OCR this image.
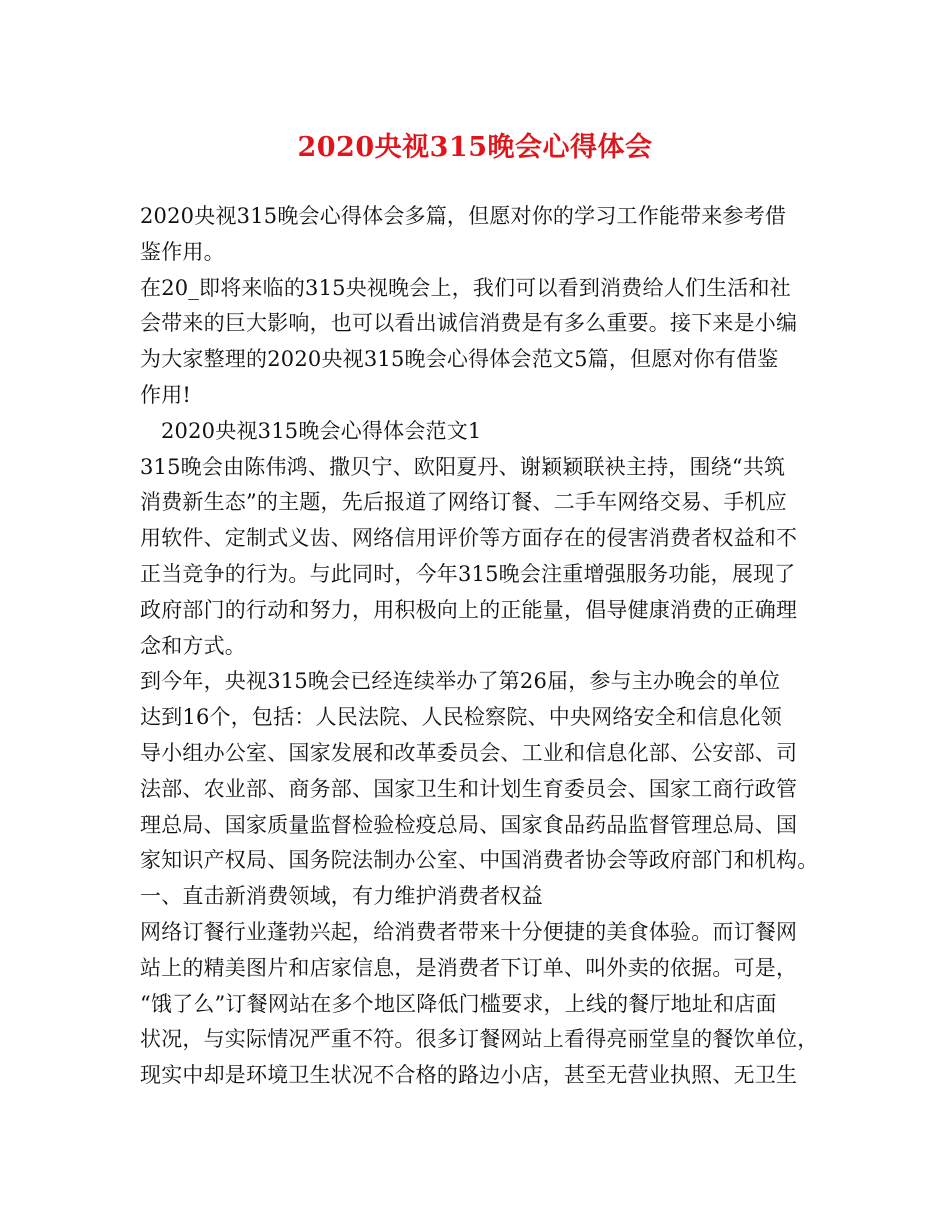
2020央视315晚会心得体会

2020央视315晚会心得体会多篇，但愿对你的学习工作能带来参考借

鉴作用。

在20_即将来临的315央视晚会上，我们可以看到消费给人们生活和社

会带来的巨大影响，也可以看出诚信消费是有多么重要。接下来是小编

为大家整理的2020央视315晚会心得体会范文5篇，但愿对你有借鉴

作用!

2020央视315晚会心得体会范文1

315晚会由陈伟鸿、撒贝宁、欧阳夏丹、谢颖颖联袂主持，围绕“共筑

消费新生态”的主题，先后报道了网络订餐、二手车网络交易、手机应

用软件、定制式义齿、网络信用评价等方面存在的侵害消费者权益和不

正当竞争的行为。与此同时，今年315晚会注重增强服务功能，展现了

政府部门的行动和努力，用积极向上的正能量，倡导健康消费的正确理

念和方式。

到今年，央视315晚会已经连续举办了第26届，参与主办晚会的单位

达到16个，包括：人民法院、人民检察院、中央网络安全和信息化领

导小组办公室、国家发展和改革委员会、工业和信息化部、公安部、司

法部、农业部、商务部、国家卫生和计划生育委员会、国家工商行政管

理总局、国家质量监督检验检疫总局、国家食品药品监督管理总局、国

家知识产权局、国务院法制办公室、中国消费者协会等政府部门和机构。

一、直击新消费领域，有力维护消费者权益

网络订餐行业蓬勃兴起，给消费者带来十分便捷的美食体验。而订餐网

站上的精美图片和店家信息，是消费者下订单、叫外卖的依据。可是，

“饿了么”订餐网站在多个地区降低门槛要求，上线的餐厅地址和店面

状况，与实际情况严重不符。很多订餐网站上看得亮丽堂皇的餐饮单位，

现实中却是环境卫生状况不合格的路边小店，甚至无营业执照、无卫生
